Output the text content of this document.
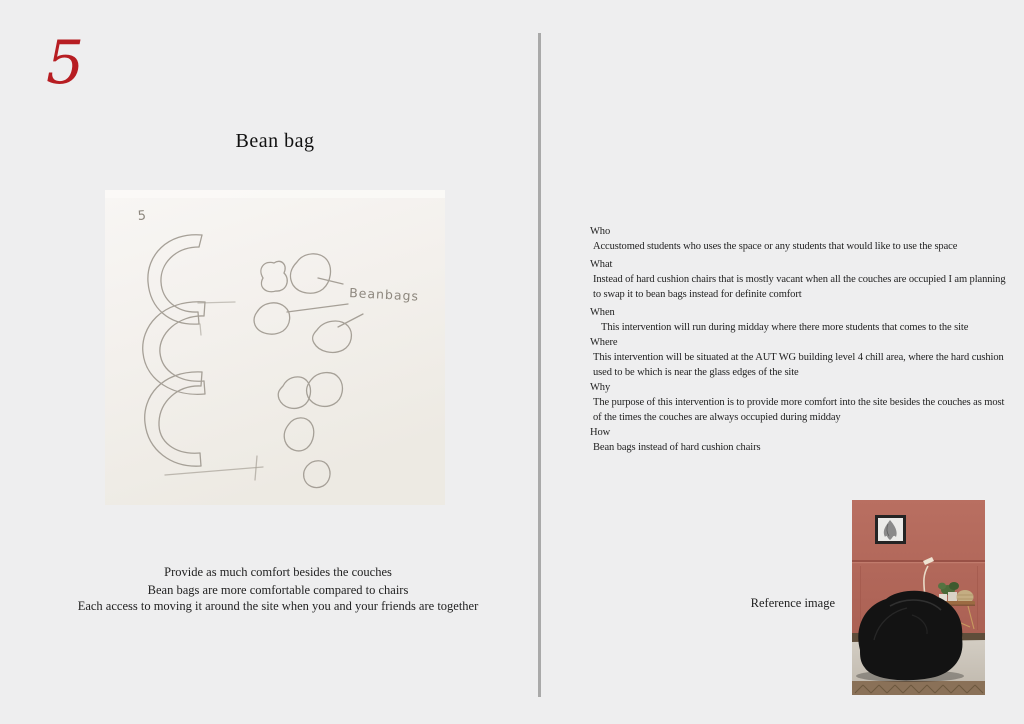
5
Bean bag
5
Beanbags
Provide as much comfort besides the couches
Bean bags are more comfortable compared to chairs
Each access to moving it around the site when you and your friends are together
Who
Accustomed students who uses the space or any students that would like to use the space
What
Instead of hard cushion chairs that is mostly vacant when all the couches are occupied I am planning to swap it to bean bags instead for definite comfort
When
This intervention will run during midday where there more students that comes to the site
Where
This intervention will be situated at the AUT WG building level 4 chill area, where the hard cushion used to be which is near the glass edges of the site
Why
The purpose of this intervention is to provide more comfort into the site besides the couches as most of the times the couches are always occupied during midday
How
Bean bags instead of hard cushion chairs
Reference image
